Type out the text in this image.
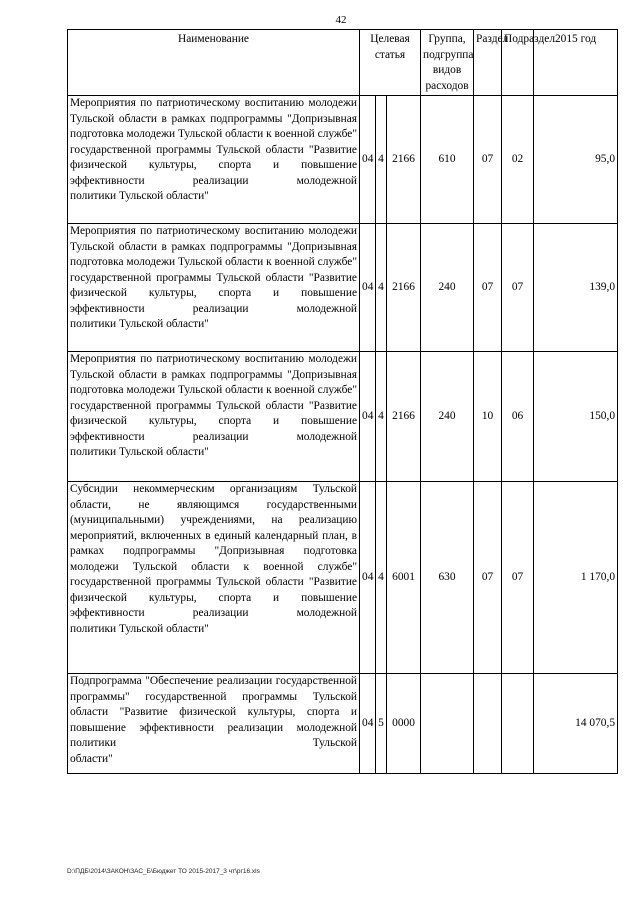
42
Наименование	Целевая статья			Группа, подгруппа видов расходов	Раздел	Подраздел	2015 год
Мероприятия по патриотическому воспитанию молодежи Тульской области в рамках подпрограммы "Допризывная подготовка молодежи Тульской области к военной службе" государственной программы Тульской области "Развитие физической культуры, спорта и повышение эффективности реализации молодежной
политики Тульской области"	04	4	2166	610	07	02	95,0
Мероприятия по патриотическому воспитанию молодежи Тульской области в рамках подпрограммы "Допризывная подготовка молодежи Тульской области к военной службе" государственной программы Тульской области "Развитие физической культуры, спорта и повышение эффективности реализации молодежной
политики Тульской области"	04	4	2166	240	07	07	139,0
Мероприятия по патриотическому воспитанию молодежи Тульской области в рамках подпрограммы "Допризывная подготовка молодежи Тульской области к военной службе" государственной программы Тульской области "Развитие физической культуры, спорта и повышение эффективности реализации молодежной
политики Тульской области"	04	4	2166	240	10	06	150,0
Субсидии некоммерческим организациям Тульской области, не являющимся государственными (муниципальными) учреждениями, на реализацию мероприятий, включенных в единый календарный план, в рамках подпрограммы "Допризывная подготовка молодежи Тульской области к военной службе" государственной программы Тульской области "Развитие физической культуры, спорта и повышение эффективности реализации молодежной
политики Тульской области"	04	4	6001	630	07	07	1 170,0
Подпрограмма "Обеспечение реализации государственной программы" государственной программы Тульской области "Развитие физической культуры, спорта и повышение эффективности реализации молодежной политики Тульской
области"	04	5	0000				14 070,5
D:\ПДБ\2014\ЗАКОН\ЗАС_Б\Бюджет ТО 2015-2017_3 чт\рг16.xls
